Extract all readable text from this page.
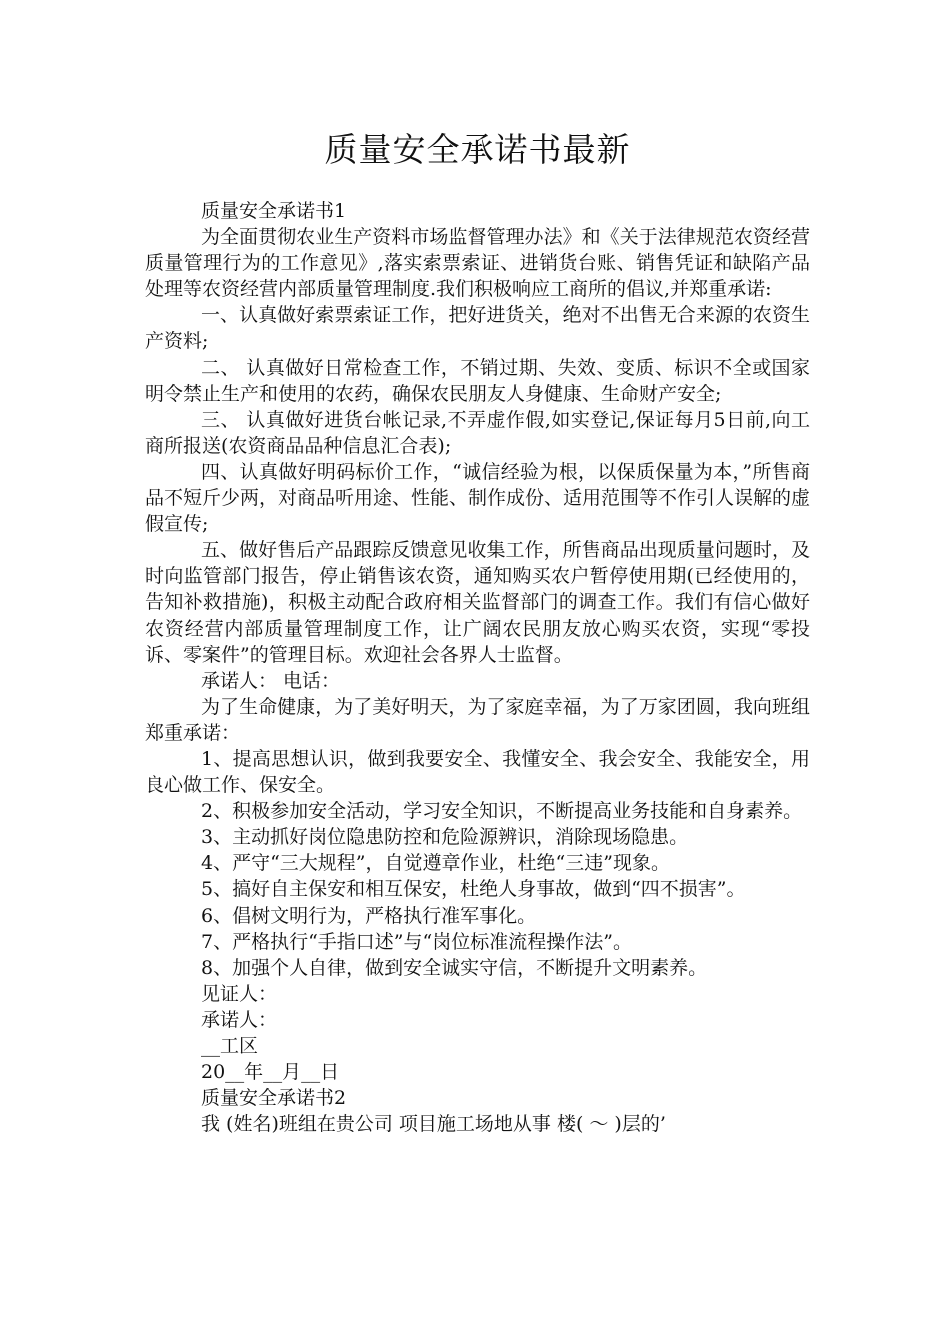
质量安全承诺书最新

质量安全承诺书1

为全面贯彻农业生产资料市场监督管理办法》和《关于法律规范农资经营质量管理行为的工作意见》,落实索票索证、进销货台账、销售凭证和缺陷产品处理等农资经营内部质量管理制度.我们积极响应工商所的倡议,并郑重承诺:

一、认真做好索票索证工作，把好进货关，绝对不出售无合来源的农资生产资料;

二、 认真做好日常检查工作，不销过期、失效、变质、标识不全或国家明令禁止生产和使用的农药，确保农民朋友人身健康、生命财产安全;

三、 认真做好进货台帐记录,不弄虚作假,如实登记,保证每月5日前,向工商所报送(农资商品品种信息汇合表);

四、认真做好明码标价工作，“诚信经验为根，以保质保量为本，”所售商品不短斤少两，对商品听用途、性能、制作成份、适用范围等不作引人误解的虚假宣传;

五、做好售后产品跟踪反馈意见收集工作，所售商品出现质量问题时，及时向监管部门报告，停止销售该农资，通知购买农户暂停使用期(已经使用的，告知补救措施)，积极主动配合政府相关监督部门的调查工作。我们有信心做好农资经营内部质量管理制度工作，让广阔农民朋友放心购买农资，实现“零投诉、零案件”的管理目标。欢迎社会各界人士监督。

承诺人： 电话：

为了生命健康，为了美好明天，为了家庭幸福，为了万家团圆，我向班组郑重承诺：

1、提高思想认识，做到我要安全、我懂安全、我会安全、我能安全，用良心做工作、保安全。

2、积极参加安全活动，学习安全知识，不断提高业务技能和自身素养。

3、主动抓好岗位隐患防控和危险源辨识，消除现场隐患。

4、严守“三大规程”，自觉遵章作业，杜绝“三违”现象。

5、搞好自主保安和相互保安，杜绝人身事故，做到“四不损害”。

6、倡树文明行为，严格执行准军事化。

7、严格执行“手指口述”与“岗位标准流程操作法”。

8、加强个人自律，做到安全诚实守信，不断提升文明素养。

见证人：

承诺人：

__工区

20__年__月__日

质量安全承诺书2

我 (姓名)班组在贵公司 项目施工场地从事 楼( ～ )层的’
